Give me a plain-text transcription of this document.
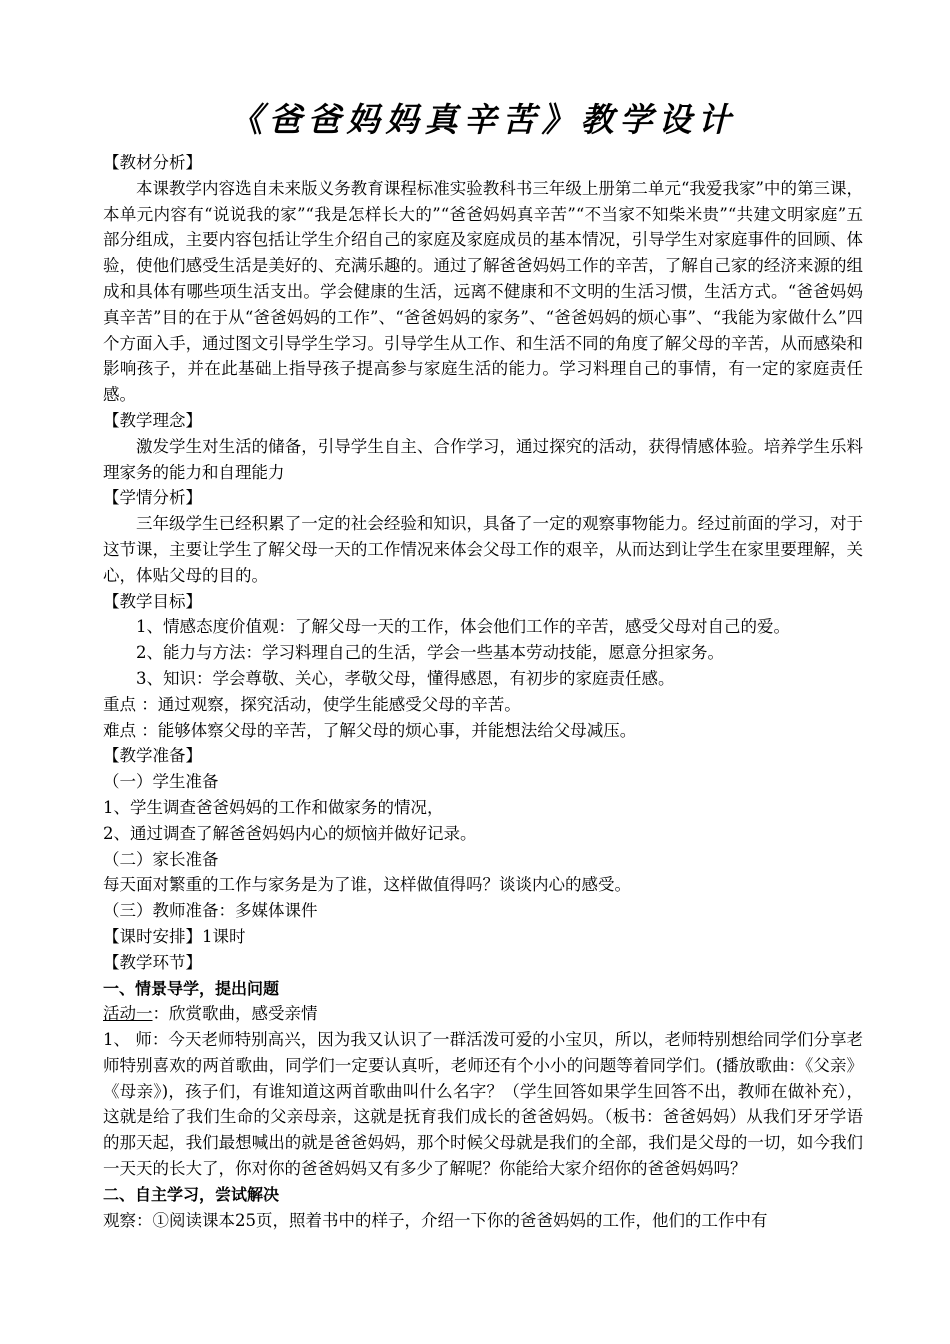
《爸爸妈妈真辛苦》教学设计

【教材分析】

本课教学内容选自未来版义务教育课程标准实验教科书三年级上册第二单元“我爱我家”中的第三课，本单元内容有“说说我的家”“我是怎样长大的”“爸爸妈妈真辛苦”“不当家不知柴米贵”“共建文明家庭”五部分组成，主要内容包括让学生介绍自己的家庭及家庭成员的基本情况，引导学生对家庭事件的回顾、体验，使他们感受生活是美好的、充满乐趣的。通过了解爸爸妈妈工作的辛苦，了解自己家的经济来源的组成和具体有哪些项生活支出。学会健康的生活，远离不健康和不文明的生活习惯，生活方式。“爸爸妈妈真辛苦”目的在于从“爸爸妈妈的工作”、“爸爸妈妈的家务”、“爸爸妈妈的烦心事”、“我能为家做什么”四个方面入手，通过图文引导学生学习。引导学生从工作、和生活不同的角度了解父母的辛苦，从而感染和影响孩子，并在此基础上指导孩子提高参与家庭生活的能力。学习料理自己的事情，有一定的家庭责任感。

【教学理念】

激发学生对生活的储备，引导学生自主、合作学习，通过探究的活动，获得情感体验。培养学生乐料理家务的能力和自理能力

【学情分析】

三年级学生已经积累了一定的社会经验和知识，具备了一定的观察事物能力。经过前面的学习，对于这节课，主要让学生了解父母一天的工作情况来体会父母工作的艰辛，从而达到让学生在家里要理解，关心，体贴父母的目的。

【教学目标】

1、情感态度价值观：了解父母一天的工作，体会他们工作的辛苦，感受父母对自己的爱。

2、能力与方法：学习料理自己的生活，学会一些基本劳动技能，愿意分担家务。

3、知识：学会尊敬、关心，孝敬父母，懂得感恩，有初步的家庭责任感。

重点 ：通过观察，探究活动，使学生能感受父母的辛苦。

难点 ：能够体察父母的辛苦，了解父母的烦心事，并能想法给父母减压。

【教学准备】

（一）学生准备

1、学生调查爸爸妈妈的工作和做家务的情况，

2、通过调查了解爸爸妈妈内心的烦恼并做好记录。

（二）家长准备

每天面对繁重的工作与家务是为了谁，这样做值得吗？谈谈内心的感受。

（三）教师准备：多媒体课件

【课时安排】1课时

【教学环节】

一、情景导学，提出问题

活动一：欣赏歌曲，感受亲情

1、 师：今天老师特别高兴，因为我又认识了一群活泼可爱的小宝贝，所以，老师特别想给同学们分享老师特别喜欢的两首歌曲，同学们一定要认真听，老师还有个小小的问题等着同学们。(播放歌曲：《父亲》《母亲》)，孩子们，有谁知道这两首歌曲叫什么名字？（学生回答如果学生回答不出，教师在做补充），这就是给了我们生命的父亲母亲，这就是抚育我们成长的爸爸妈妈。（板书：爸爸妈妈）从我们牙牙学语的那天起，我们最想喊出的就是爸爸妈妈，那个时候父母就是我们的全部，我们是父母的一切，如今我们一天天的长大了，你对你的爸爸妈妈又有多少了解呢？你能给大家介绍你的爸爸妈妈吗？

二、自主学习，尝试解决

观察：①阅读课本25页，照着书中的样子，介绍一下你的爸爸妈妈的工作，他们的工作中有
